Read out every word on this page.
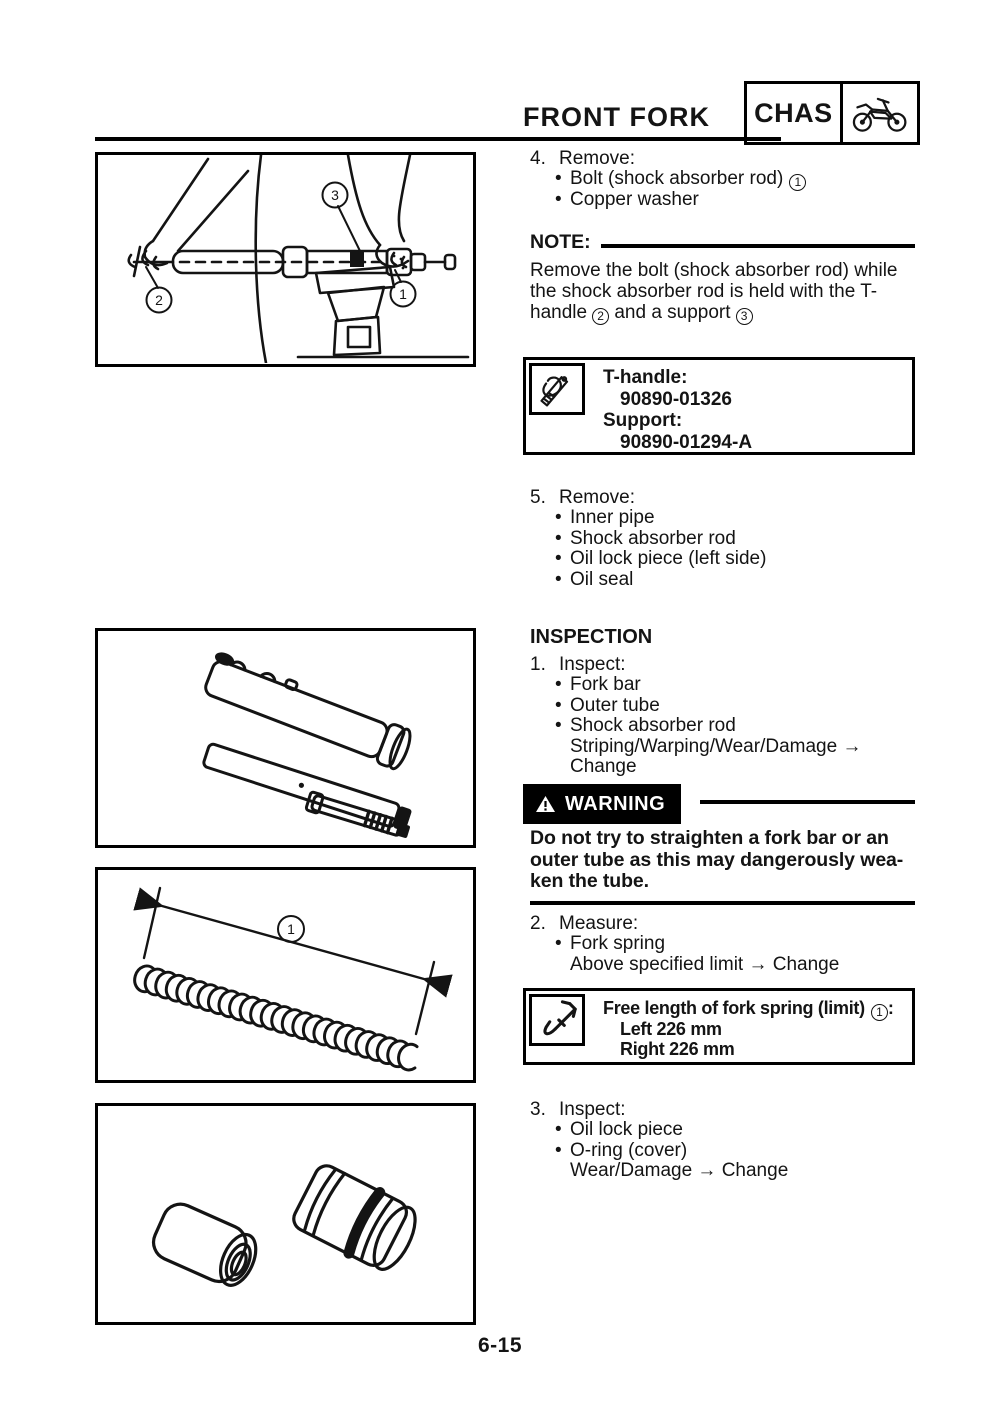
FRONT FORK CHAS
3
2	1
1
4. Remove:
• Bolt (shock absorber rod) 1
• Copper washer
NOTE:
Remove the bolt (shock absorber rod) while
the shock absorber rod is held with the T-
handle 2 and a support 3
T-handle:
90890-01326
Support:
90890-01294-A
5. Remove:
• Inner pipe
• Shock absorber rod
• Oil lock piece (left side)
• Oil seal
INSPECTION
1. Inspect:
• Fork bar
• Outer tube
• Shock absorber rod
Striping/Warping/Wear/Damage →
Change
WARNING
Do not try to straighten a fork bar or an
outer tube as this may dangerously wea-
ken the tube.
2. Measure:
• Fork spring
Above specified limit → Change
Free length of fork spring (limit) 1 :
Left 226 mm
Right 226 mm
3. Inspect:
• Oil lock piece
• O-ring (cover)
Wear/Damage → Change
6-15
